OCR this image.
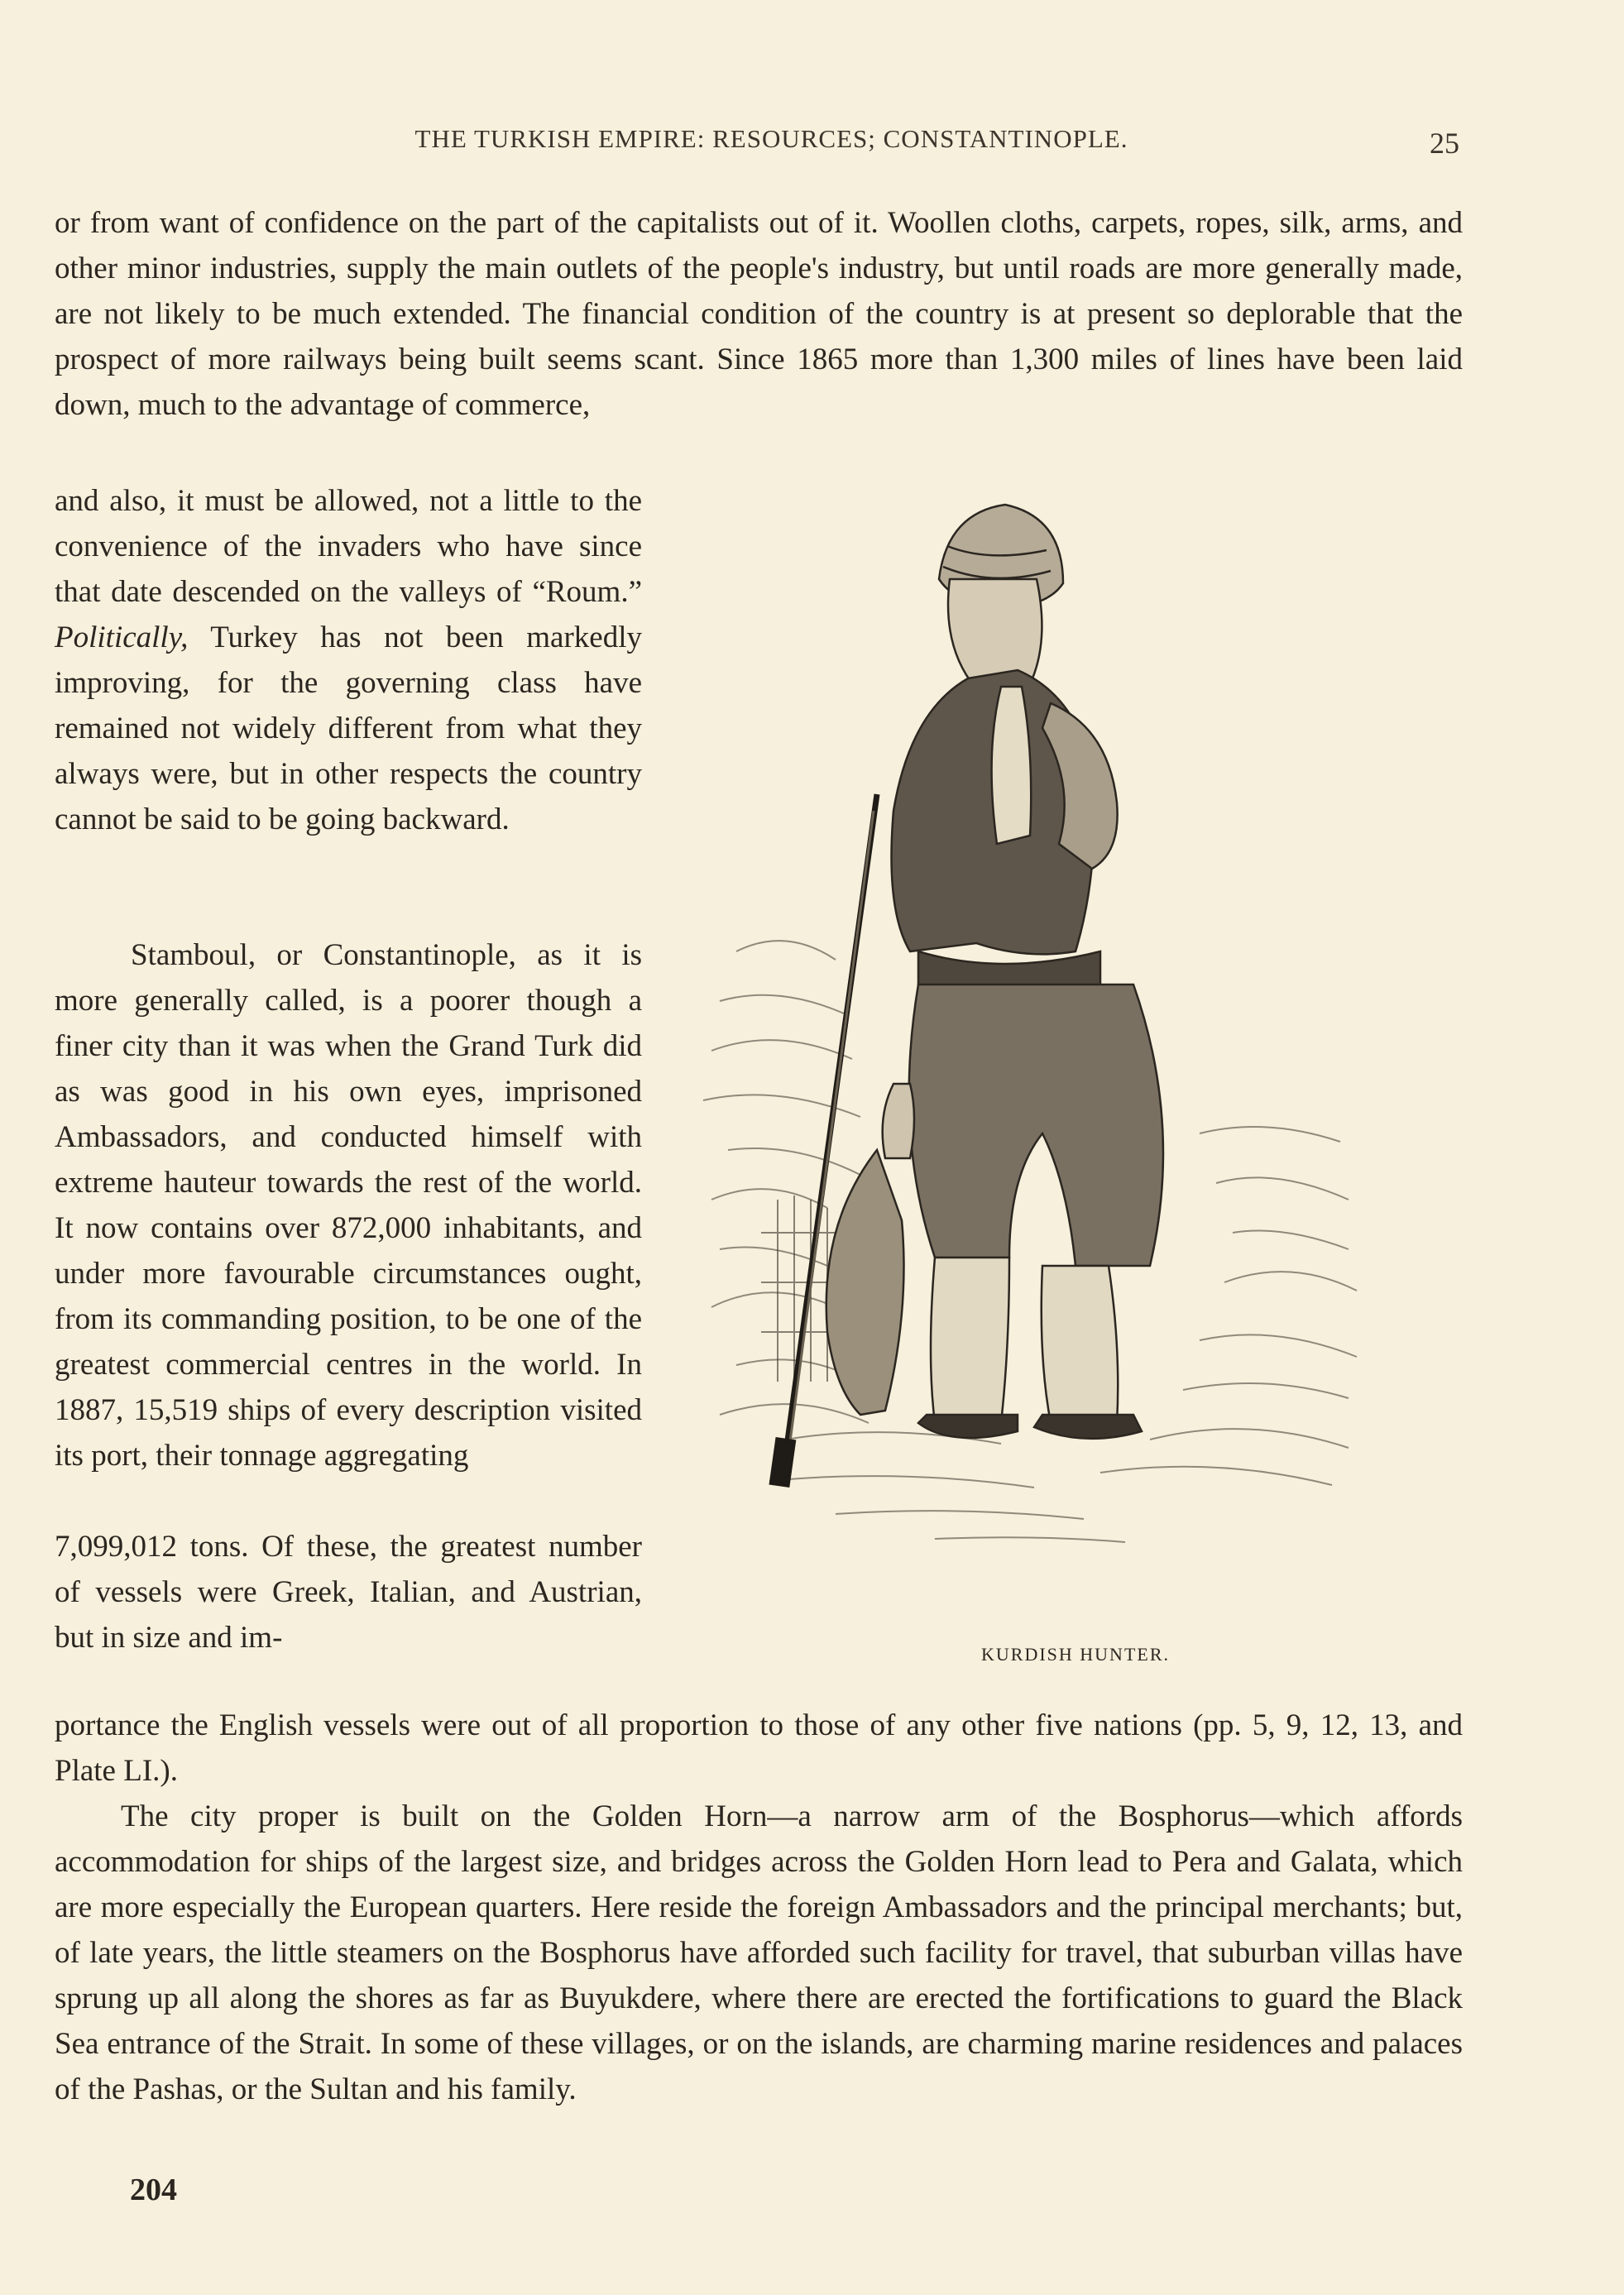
THE TURKISH EMPIRE: RESOURCES; CONSTANTINOPLE.	25

or from want of confidence on the part of the capitalists out of it. Woollen cloths, carpets, ropes, silk, arms, and other minor industries, supply the main outlets of the people's industry, but until roads are more generally made, are not likely to be much extended. The financial condition of the country is at present so deplorable that the prospect of more railways being built seems scant. Since 1865 more than 1,300 miles of lines have been laid down, much to the advantage of commerce,

and also, it must be allowed, not a little to the convenience of the invaders who have since that date descended on the valleys of “Roum.” Politically, Turkey has not been markedly improving, for the governing class have remained not widely different from what they always were, but in other respects the country cannot be said to be going backward.

Stamboul, or Constantinople, as it is more generally called, is a poorer though a finer city than it was when the Grand Turk did as was good in his own eyes, imprisoned Ambassadors, and conducted himself with extreme hauteur towards the rest of the world. It now contains over 872,000 inhabitants, and under more favourable circumstances ought, from its commanding position, to be one of the greatest commercial centres in the world. In 1887, 15,519 ships of every description visited its port, their tonnage aggregating

7,099,012 tons. Of these, the greatest number of vessels were Greek, Italian, and Austrian, but in size and im-	KURDISH HUNTER.

portance the English vessels were out of all proportion to those of any other five nations (pp. 5, 9, 12, 13, and Plate LI.).

The city proper is built on the Golden Horn—a narrow arm of the Bosphorus—which affords accommodation for ships of the largest size, and bridges across the Golden Horn lead to Pera and Galata, which are more especially the European quarters. Here reside the foreign Ambassadors and the principal merchants; but, of late years, the little steamers on the Bosphorus have afforded such facility for travel, that suburban villas have sprung up all along the shores as far as Buyukdere, where there are erected the fortifications to guard the Black Sea entrance of the Strait. In some of these villages, or on the islands, are charming marine residences and palaces of the Pashas, or the Sultan and his family.

204
